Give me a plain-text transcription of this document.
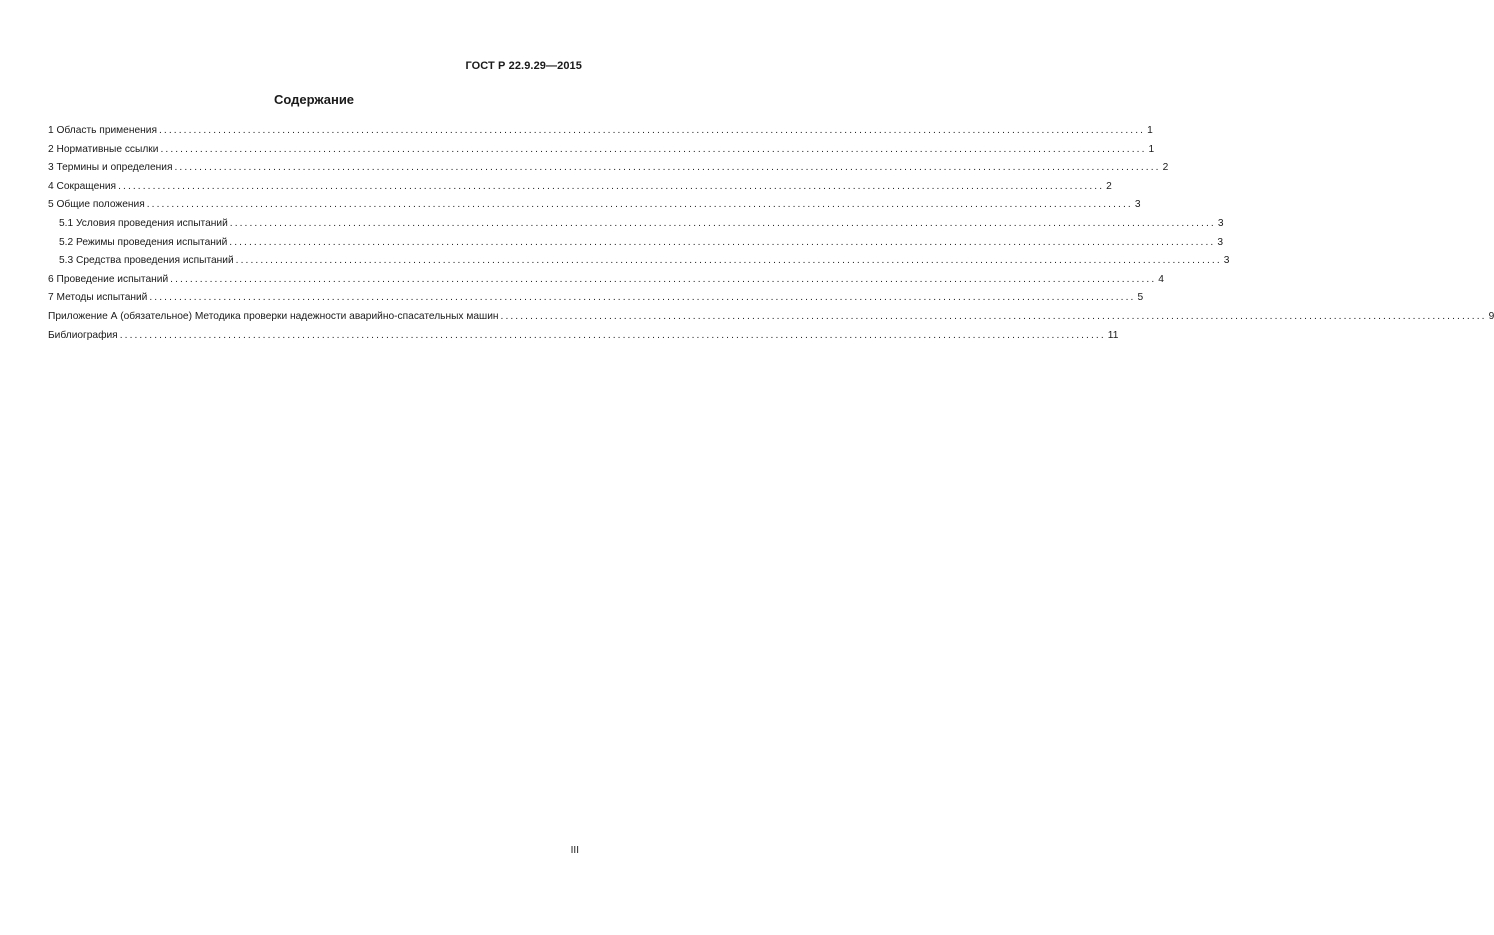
ГОСТ Р 22.9.29—2015
Содержание
1 Область применения ........................................................................................................................................................................................................ 1
2 Нормативные ссылки ........................................................................................................................................................................................................ 1
3 Термины и определения ........................................................................................................................................................................................................ 2
4 Сокращения ........................................................................................................................................................................................................ 2
5 Общие положения ........................................................................................................................................................................................................ 3
5.1 Условия проведения испытаний ........................................................................................................................................................................................................ 3
5.2 Режимы проведения испытаний ........................................................................................................................................................................................................ 3
5.3 Средства проведения испытаний ........................................................................................................................................................................................................ 3
6 Проведение испытаний ........................................................................................................................................................................................................ 4
7 Методы испытаний ........................................................................................................................................................................................................ 5
Приложение А (обязательное) Методика проверки надежности аварийно-спасательных машин ........................................................................................................................................................................................................ 9
Библиография ........................................................................................................................................................................................................ 11
III
